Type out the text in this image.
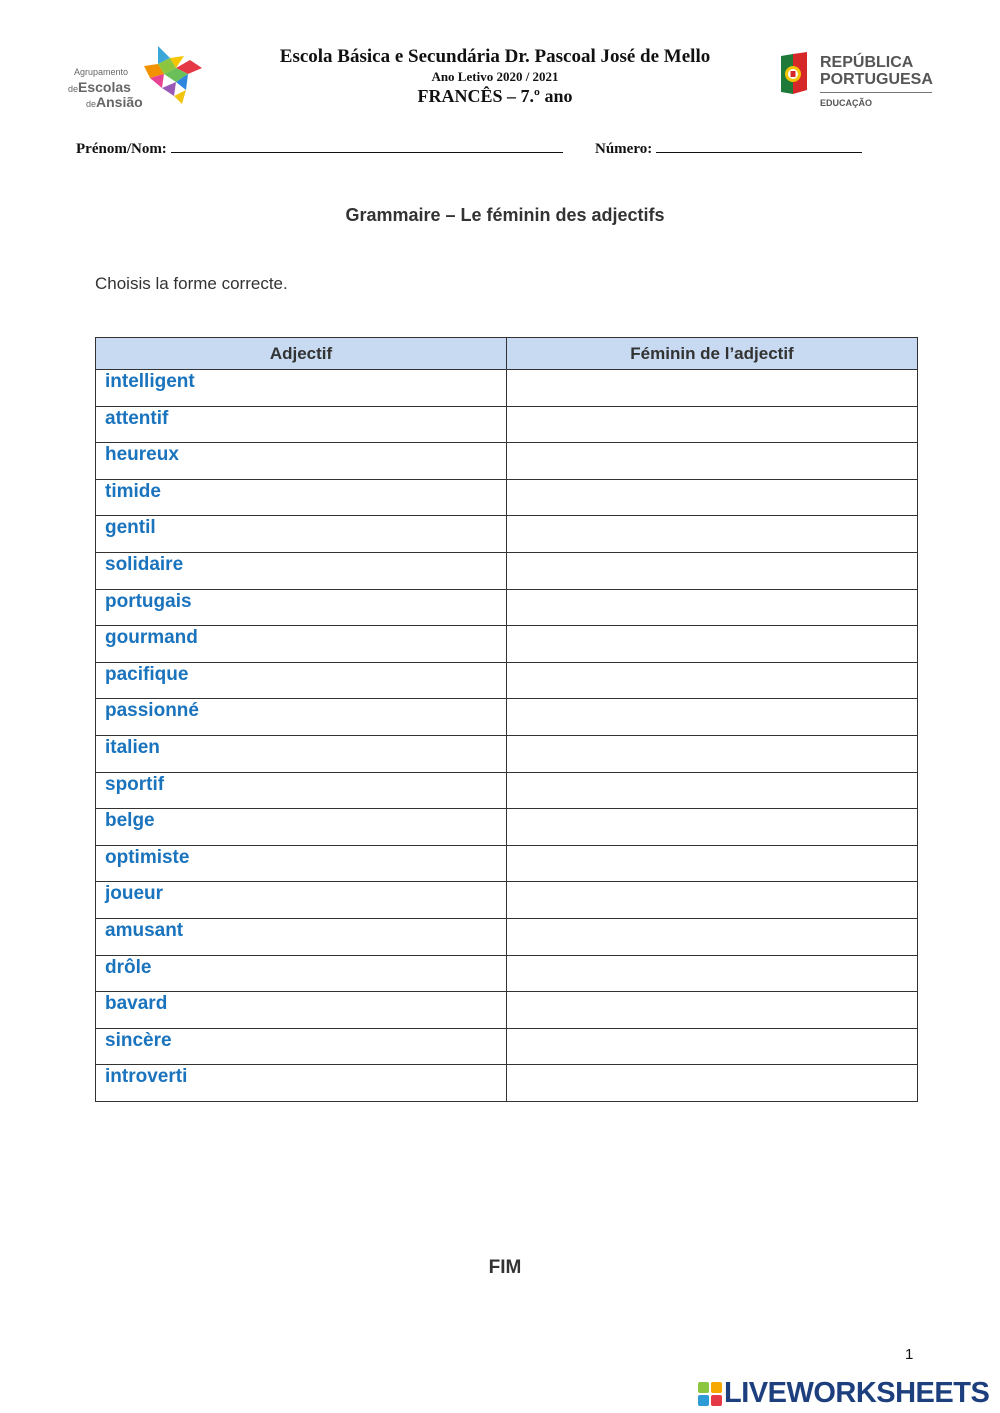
Agrupamento
deEscolas
deAnsião
Escola Básica e Secundária Dr. Pascoal José de Mello
Ano Letivo 2020 / 2021
FRANCÊS – 7.º ano
REPÚBLICA
PORTUGUESA
EDUCAÇÃO
Prénom/Nom:	Número:
Grammaire – Le féminin des adjectifs
Choisis la forme correcte.
Adjectif	Féminin de l’adjectif
intelligent	
attentif	
heureux	
timide	
gentil	
solidaire	
portugais	
gourmand	
pacifique	
passionné	
italien	
sportif	
belge	
optimiste	
joueur	
amusant	
drôle	
bavard	
sincère	
introverti	
FIM
1
LIVEWORKSHEETS
